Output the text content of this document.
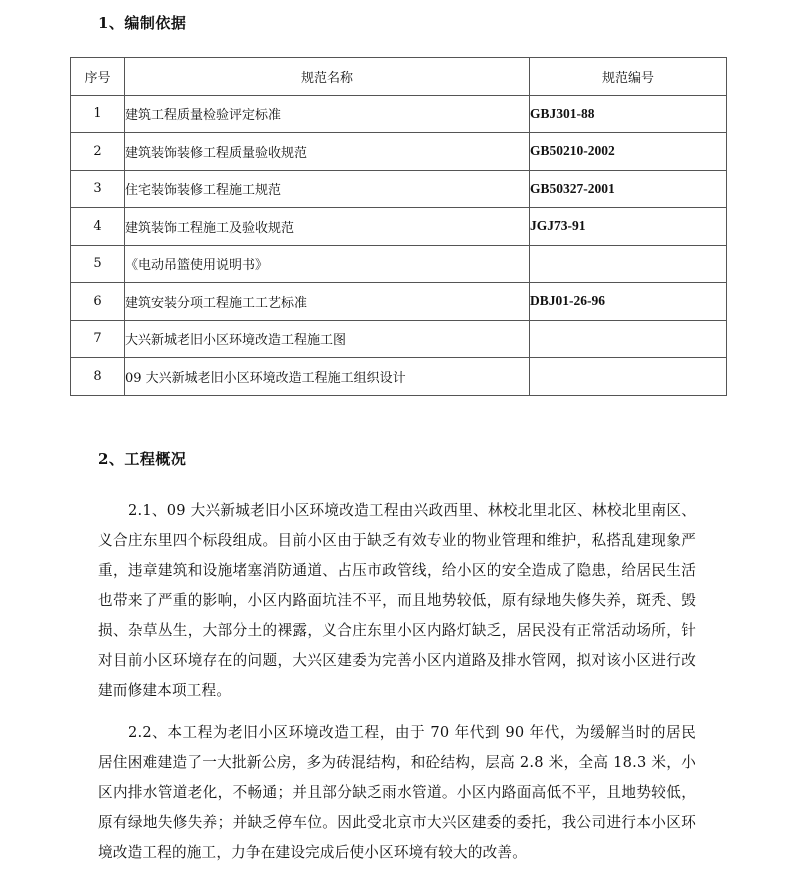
1、编制依据
序号	规范名称	规范编号
1	建筑工程质量检验评定标准	GBJ301-88
2	建筑装饰装修工程质量验收规范	GB50210-2002
3	住宅装饰装修工程施工规范	GB50327-2001
4	建筑装饰工程施工及验收规范	JGJ73-91
5	《电动吊篮使用说明书》	
6	建筑安装分项工程施工工艺标准	DBJ01-26-96
7	大兴新城老旧小区环境改造工程施工图	
8	09 大兴新城老旧小区环境改造工程施工组织设计	
2、工程概况

2.1、09 大兴新城老旧小区环境改造工程由兴政西里、林校北里北区、林校北里南区、义合庄东里四个标段组成。目前小区由于缺乏有效专业的物业管理和维护，私搭乱建现象严重，违章建筑和设施堵塞消防通道、占压市政管线，给小区的安全造成了隐患，给居民生活也带来了严重的影响，小区内路面坑洼不平，而且地势较低，原有绿地失修失养，斑秃、毁损、杂草丛生，大部分土的裸露，义合庄东里小区内路灯缺乏，居民没有正常活动场所，针对目前小区环境存在的问题，大兴区建委为完善小区内道路及排水管网，拟对该小区进行改建而修建本项工程。

2.2、本工程为老旧小区环境改造工程，由于 70 年代到 90 年代，为缓解当时的居民居住困难建造了一大批新公房，多为砖混结构，和砼结构，层高 2.8 米，全高 18.3 米，小区内排水管道老化，不畅通；并且部分缺乏雨水管道。小区内路面高低不平，且地势较低，原有绿地失修失养；并缺乏停车位。因此受北京市大兴区建委的委托，我公司进行本小区环境改造工程的施工，力争在建设完成后使小区环境有较大的改善。
